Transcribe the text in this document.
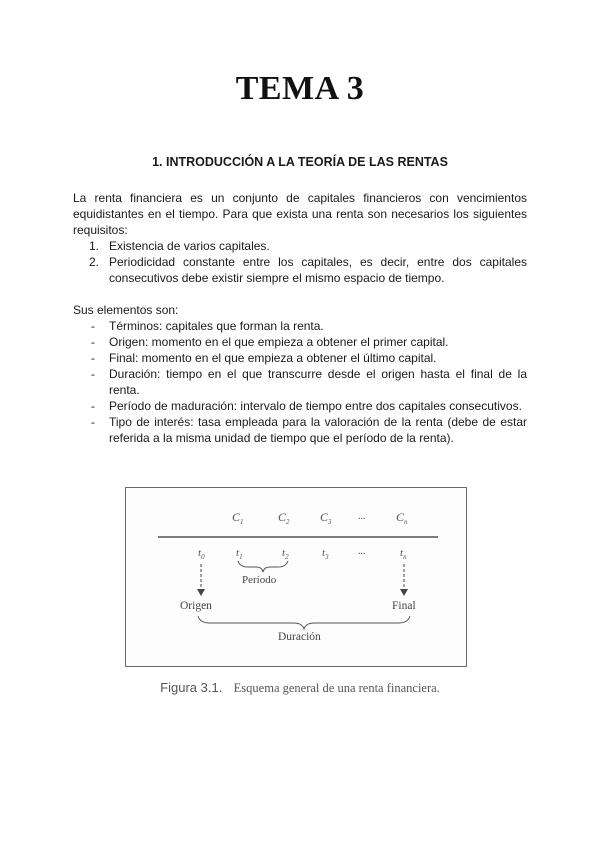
TEMA 3
1. INTRODUCCIÓN A LA TEORÍA DE LAS RENTAS
La renta financiera es un conjunto de capitales financieros con vencimientos equidistantes en el tiempo. Para que exista una renta son necesarios los siguientes requisitos:
1. Existencia de varios capitales.
2. Periodicidad constante entre los capitales, es decir, entre dos capitales consecutivos debe existir siempre el mismo espacio de tiempo.
Sus elementos son:
- Términos: capitales que forman la renta.
- Origen: momento en el que empieza a obtener el primer capital.
- Final: momento en el que empieza a obtener el último capital.
- Duración: tiempo en el que transcurre desde el origen hasta el final de la renta.
- Período de maduración: intervalo de tiempo entre dos capitales consecutivos.
- Tipo de interés: tasa empleada para la valoración de la renta (debe de estar referida a la misma unidad de tiempo que el período de la renta).
$C_1$	$C_2$	$C_3$	...	$C_n$
$t_0$	$t_1$	$t_2$	$t_3$	...	$t_n$
Período
Origen	Final
Duración
Figura 3.1. Esquema general de una renta financiera.
